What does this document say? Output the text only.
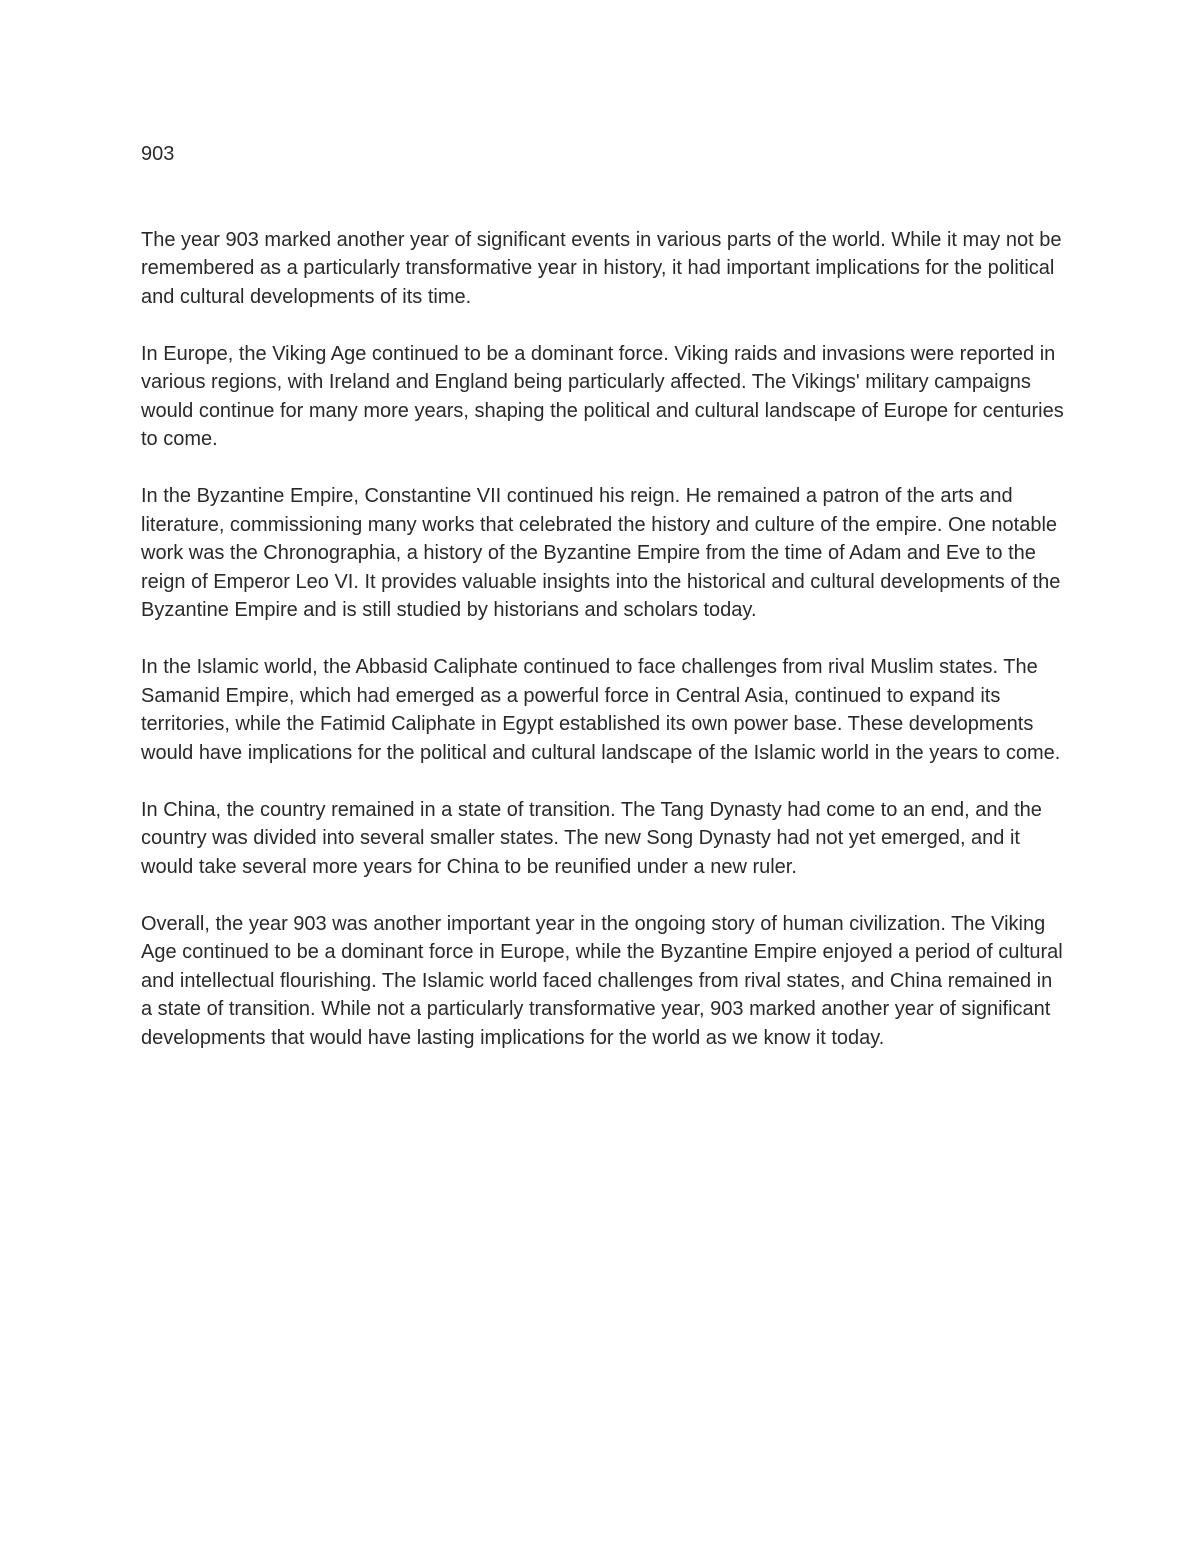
903

The year 903 marked another year of significant events in various parts of the world. While it may not be remembered as a particularly transformative year in history, it had important implications for the political and cultural developments of its time.

In Europe, the Viking Age continued to be a dominant force. Viking raids and invasions were reported in various regions, with Ireland and England being particularly affected. The Vikings' military campaigns would continue for many more years, shaping the political and cultural landscape of Europe for centuries to come.

In the Byzantine Empire, Constantine VII continued his reign. He remained a patron of the arts and literature, commissioning many works that celebrated the history and culture of the empire. One notable work was the Chronographia, a history of the Byzantine Empire from the time of Adam and Eve to the reign of Emperor Leo VI. It provides valuable insights into the historical and cultural developments of the Byzantine Empire and is still studied by historians and scholars today.

In the Islamic world, the Abbasid Caliphate continued to face challenges from rival Muslim states. The Samanid Empire, which had emerged as a powerful force in Central Asia, continued to expand its territories, while the Fatimid Caliphate in Egypt established its own power base. These developments would have implications for the political and cultural landscape of the Islamic world in the years to come.

In China, the country remained in a state of transition. The Tang Dynasty had come to an end, and the country was divided into several smaller states. The new Song Dynasty had not yet emerged, and it would take several more years for China to be reunified under a new ruler.

Overall, the year 903 was another important year in the ongoing story of human civilization. The Viking Age continued to be a dominant force in Europe, while the Byzantine Empire enjoyed a period of cultural and intellectual flourishing. The Islamic world faced challenges from rival states, and China remained in a state of transition. While not a particularly transformative year, 903 marked another year of significant developments that would have lasting implications for the world as we know it today.
